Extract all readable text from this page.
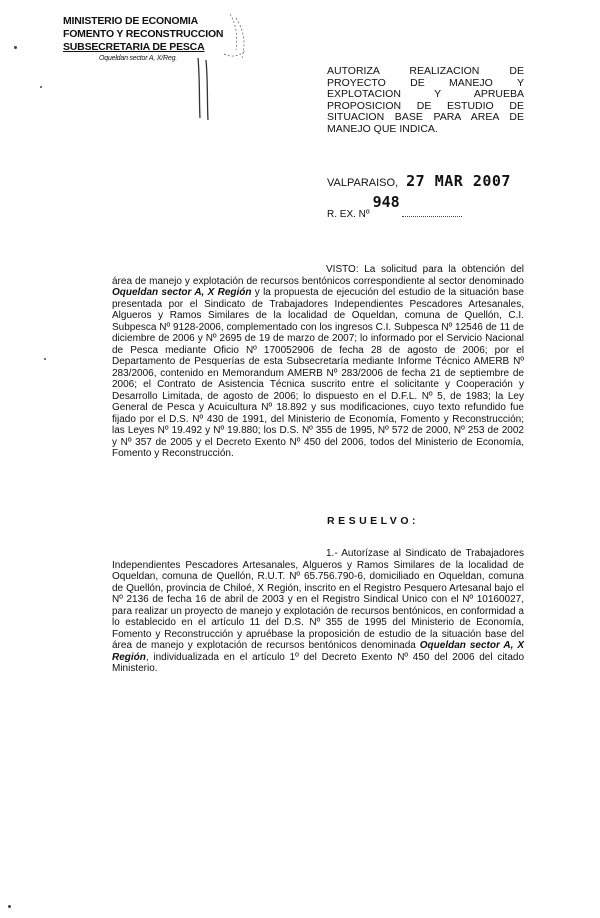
MINISTERIO DE ECONOMIA
FOMENTO Y RECONSTRUCCION
SUBSECRETARIA DE PESCA
Oqueldan sector A, X/Reg.
AUTORIZA REALIZACION DE PROYECTO DE MANEJO Y EXPLOTACION Y APRUEBA PROPOSICION DE ESTUDIO DE SITUACION BASE PARA AREA DE MANEJO QUE INDICA.
VALPARAISO, 27 MAR 2007
R. EX. Nº948
VISTO: La solicitud para la obtención del área de manejo y explotación de recursos bentónicos correspondiente al sector denominado Oqueldan sector A, X Región y la propuesta de ejecución del estudio de la situación base presentada por el Sindicato de Trabajadores Independientes Pescadores Artesanales, Algueros y Ramos Similares de la localidad de Oqueldan, comuna de Quellón, C.I. Subpesca Nº 9128-2006, complementado con los ingresos C.I. Subpesca Nº 12546 de 11 de diciembre de 2006 y Nº 2695 de 19 de marzo de 2007; lo informado por el Servicio Nacional de Pesca mediante Oficio Nº 170052906 de fecha 28 de agosto de 2006; por el Departamento de Pesquerías de esta Subsecretaría mediante Informe Técnico AMERB Nº 283/2006, contenido en Memorandum AMERB Nº 283/2006 de fecha 21 de septiembre de 2006; el Contrato de Asistencia Técnica suscrito entre el solicitante y Cooperación y Desarrollo Limitada, de agosto de 2006; lo dispuesto en el D.F.L. Nº 5, de 1983; la Ley General de Pesca y Acuicultura Nº 18.892 y sus modificaciones, cuyo texto refundido fue fijado por el D.S. Nº 430 de 1991, del Ministerio de Economía, Fomento y Reconstrucción; las Leyes Nº 19.492 y Nº 19.880; los D.S. Nº 355 de 1995, Nº 572 de 2000, Nº 253 de 2002 y Nº 357 de 2005 y el Decreto Exento Nº 450 del 2006, todos del Ministerio de Economía, Fomento y Reconstrucción.
RESUELVO:
1.- Autorízase al Sindicato de Trabajadores Independientes Pescadores Artesanales, Algueros y Ramos Similares de la localidad de Oqueldan, comuna de Quellón, R.U.T. Nº 65.756.790-6, domiciliado en Oqueldan, comuna de Quellón, provincia de Chiloé, X Región, inscrito en el Registro Pesquero Artesanal bajo el Nº 2136 de fecha 16 de abril de 2003 y en el Registro Sindical Unico con el Nº 10160027, para realizar un proyecto de manejo y explotación de recursos bentónicos, en conformidad a lo establecido en el artículo 11 del D.S. Nº 355 de 1995 del Ministerio de Economía, Fomento y Reconstrucción y apruébase la proposición de estudio de la situación base del área de manejo y explotación de recursos bentónicos denominada Oqueldan sector A, X Región, individualizada en el artículo 1º del Decreto Exento Nº 450 del 2006 del citado Ministerio.
